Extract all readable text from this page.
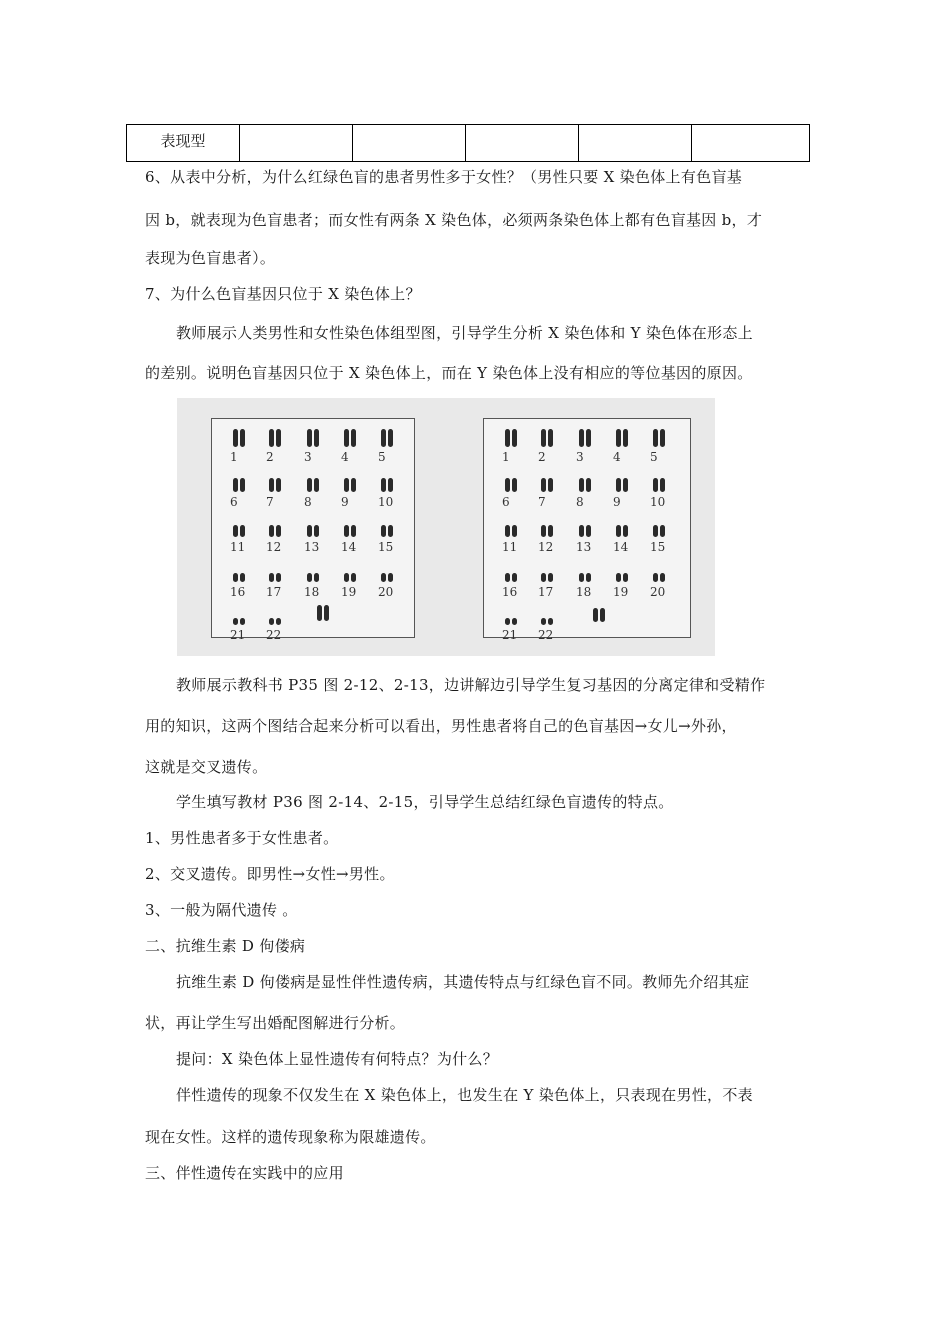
表现型					
6、从表中分析，为什么红绿色盲的患者男性多于女性？（男性只要 X 染色体上有色盲基
因 b，就表现为色盲患者；而女性有两条 X 染色体，必须两条染色体上都有色盲基因 b，才
表现为色盲患者）。
7、为什么色盲基因只位于 X 染色体上？
教师展示人类男性和女性染色体组型图，引导学生分析 X 染色体和 Y 染色体在形态上
的差别。说明色盲基因只位于 X 染色体上，而在 Y 染色体上没有相应的等位基因的原因。
1 2	3 4 5
6 7	8 9 10
11 12 13 14 15
16 17 18 19 20
21 22
1 2	3 4 5
6 7	8 9 10
11 12 13 14 15
16 17 18 19 20
21 22
教师展示教科书 P35 图 2-12、2-13，边讲解边引导学生复习基因的分离定律和受精作
用的知识，这两个图结合起来分析可以看出，男性患者将自己的色盲基因→女儿→外孙，
这就是交叉遗传。
学生填写教材 P36 图 2-14、2-15，引导学生总结红绿色盲遗传的特点。
1、男性患者多于女性患者。
2、交叉遗传。即男性→女性→男性。
3、一般为隔代遗传 。
二、抗维生素 D 佝偻病
抗维生素 D 佝偻病是显性伴性遗传病，其遗传特点与红绿色盲不同。教师先介绍其症
状，再让学生写出婚配图解进行分析。
提问：X 染色体上显性遗传有何特点？为什么？
伴性遗传的现象不仅发生在 X 染色体上，也发生在 Y 染色体上，只表现在男性，不表
现在女性。这样的遗传现象称为限雄遗传。
三、伴性遗传在实践中的应用
